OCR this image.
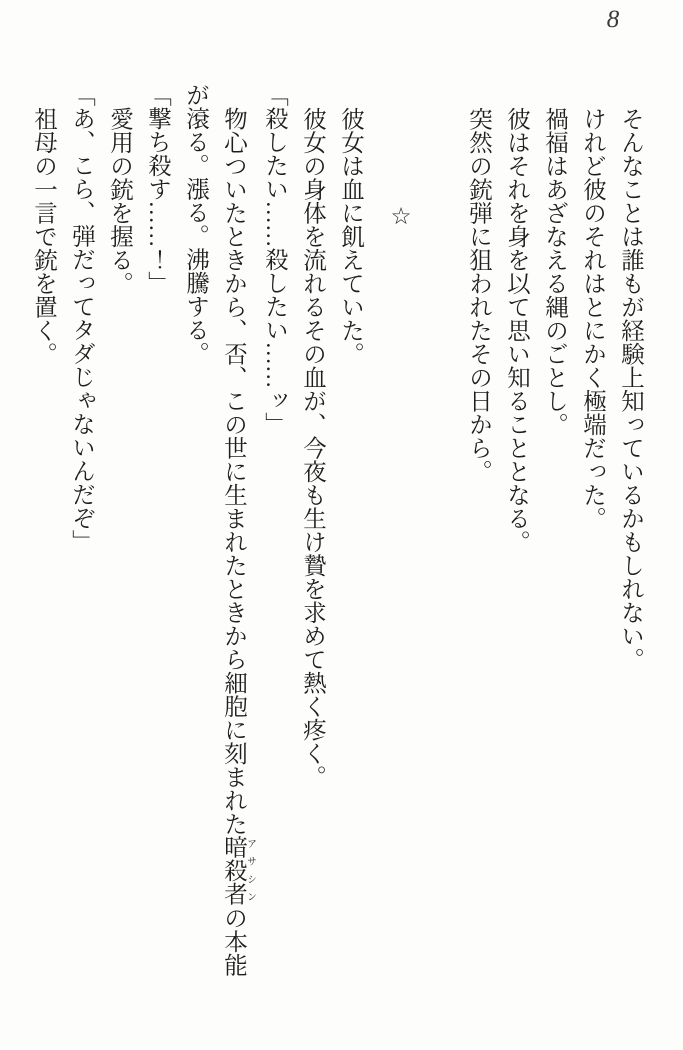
8
そんなことは誰もが経験上知っているかもしれない。
けれど彼のそれはとにかく極端だった。
禍福はあざなえる縄のごとし。
彼はそれを身を以て思い知ることとなる。
突然の銃弾に狙われたその日から。
☆
彼女は血に飢えていた。
彼女の身体を流れるその血が、今夜も生け贄を求めて熱く疼く。
「殺したい……殺したい……ッ」
物心ついたときから、否、この世に生まれたときから細胞に刻まれた暗殺者アサシンの本能
が滾る。漲る。沸騰する。
「撃ち殺す……！」
愛用の銃を握る。
「あ、こら、弾だってタダじゃないんだぞ」
祖母の一言で銃を置く。
